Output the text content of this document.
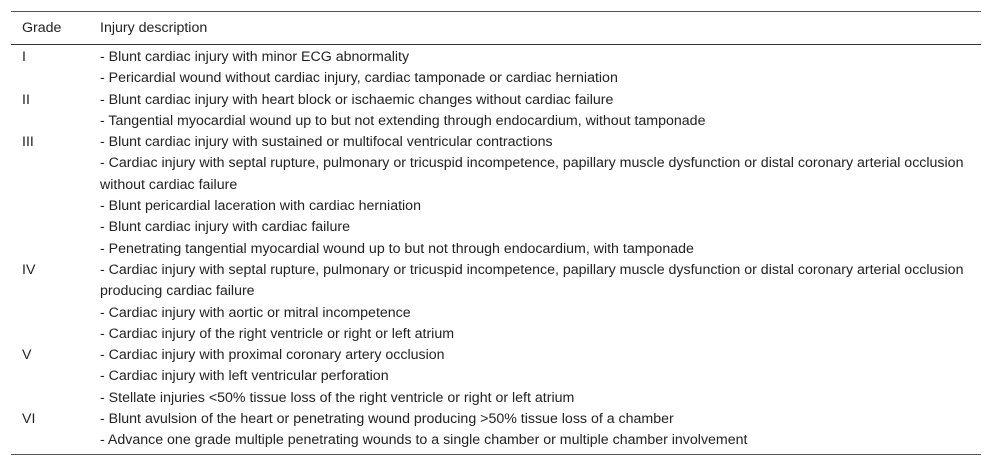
Grade	Injury description
I	- Blunt cardiac injury with minor ECG abnormality
- Pericardial wound without cardiac injury, cardiac tamponade or cardiac herniation

II	- Blunt cardiac injury with heart block or ischaemic changes without cardiac failure
- Tangential myocardial wound up to but not extending through endocardium, without tamponade

III	- Blunt cardiac injury with sustained or multifocal ventricular contractions
- Cardiac injury with septal rupture, pulmonary or tricuspid incompetence, papillary muscle dysfunction or distal coronary arterial occlusion without cardiac failure
- Blunt pericardial laceration with cardiac herniation
- Blunt cardiac injury with cardiac failure
- Penetrating tangential myocardial wound up to but not through endocardium, with tamponade

IV	- Cardiac injury with septal rupture, pulmonary or tricuspid incompetence, papillary muscle dysfunction or distal coronary arterial occlusion producing cardiac failure
- Cardiac injury with aortic or mitral incompetence
- Cardiac injury of the right ventricle or right or left atrium

V	- Cardiac injury with proximal coronary artery occlusion
- Cardiac injury with left ventricular perforation
- Stellate injuries <50% tissue loss of the right ventricle or right or left atrium

VI	- Blunt avulsion of the heart or penetrating wound producing >50% tissue loss of a chamber
- Advance one grade multiple penetrating wounds to a single chamber or multiple chamber involvement
